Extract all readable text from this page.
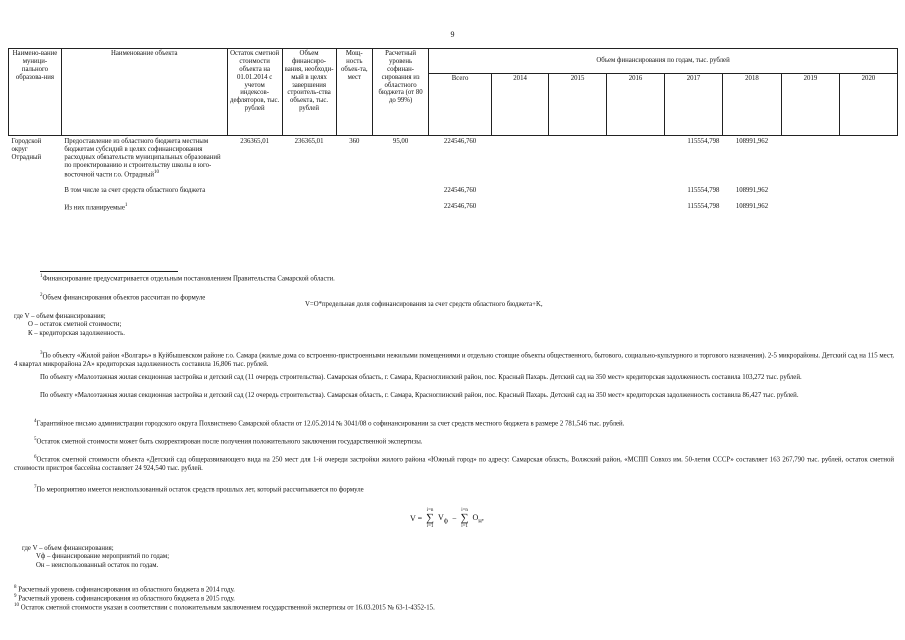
9
Наимено-вание муници-пального образова-ния	Наименование объекта	Остаток сметной стоимости объекта на 01.01.2014 с учетом индексов-дефляторов, тыс. рублей	Объем финансиро-вания, необходи-мый в целях завершения строитель-ства объекта, тыс. рублей	Мощ-ность объек-та, мест	Расчетный уровень софинан-сирования из областного бюджета (от 80 до 99%)	Объем финансирования по годам, тыс. рублей							
						Всего	2014	2015	2016	2017	2018	2019	2020
Городской округ Отрадный	Предоставление из областного бюджета местным бюджетам субсидий в целях софинансирования расходных обязательств муниципальных образований по проектированию и строительству школы в юго-восточной части г.о. Отрадный$^{10}$	236365,01	236365,01	360	95,00	224546,760				115554,798	108991,962		
	В том числе за счет средств областного бюджета					224546,760				115554,798	108991,962		
	Из них планируемые$^1$					224546,760				115554,798	108991,962		
$^1$Финансирование предусматривается отдельным постановлением Правительства Самарской области.
$^2$Объем финансирования объектов рассчитан по формуле
V=O*предельная доля софинансирования за счет средств областного бюджета+K,
где V – объем финансирования;
О – остаток сметной стоимости;
К – кредиторская задолженность.
$^3$По объекту «Жилой район «Волгарь» в Куйбышевском районе г.о. Самара (жилые дома со встроенно-пристроенными нежилыми помещениями и отдельно стоящие объекты общественного, бытового, социально-культурного и торгового назначения). 2-5 микрорайоны. Детский сад на 115 мест, 4 квартал микрорайона 2А» кредиторская задолженность составила 16,806 тыс. рублей.
По объекту «Малоэтажная жилая секционная застройка и детский сад (11 очередь строительства). Самарская область, г. Самара, Красноглинский район, пос. Красный Пахарь. Детский сад на 350 мест» кредиторская задолженность составила 103,272 тыс. рублей.
По объекту «Малоэтажная жилая секционная застройка и детский сад (12 очередь строительства). Самарская область, г. Самара, Красноглинский район, пос. Красный Пахарь. Детский сад на 350 мест» кредиторская задолженность составила 86,427 тыс. рублей.
$^4$Гарантийное письмо администрации городского округа Похвистнево Самарской области от 12.05.2014 № 3041/08 о софинансировании за счет средств местного бюджета в размере 2 781,546 тыс. рублей.
$^5$Остаток сметной стоимости может быть скорректирован после получения положительного заключения государственной экспертизы.
$^6$Остаток сметной стоимости объекта «Детский сад общеразвивающего вида на 250 мест для 1-й очереди застройки жилого района «Южный город» по адресу: Самарская область, Волжский район, «МСПП Совхоз им. 50-летия СССР» составляет 163 267,790 тыс. рублей, остаток сметной стоимости пристроя бассейна составляет 24 924,540 тыс. рублей.
$^7$По мероприятию имеется неиспользованный остаток средств прошлых лет, который рассчитывается по формуле
V =
i=n
∑
i=1
$V_ф$ −
i=n
∑
i=1
$O_н$,
где V – объем финансирования;
Vф – финансирование мероприятий по годам;
Он – неиспользованный остаток по годам.
$^8$ Расчетный уровень софинансирования из областного бюджета в 2014 году.
$^9$ Расчетный уровень софинансирования из областного бюджета в 2015 году.
$^{10}$ Остаток сметной стоимости указан в соответствии с положительным заключением государственной экспертизы от 16.03.2015 № 63-1-4352-15.
